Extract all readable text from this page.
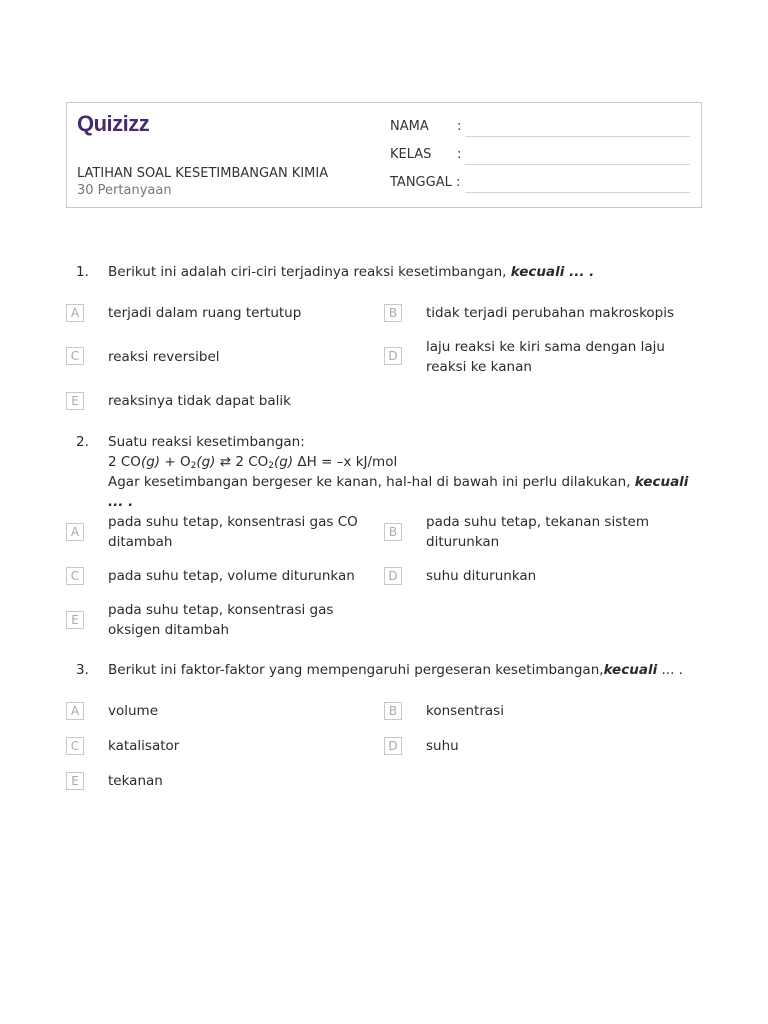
Quizizz
LATIHAN SOAL KESETIMBANGAN KIMIA
30 Pertanyaan
NAMA :
KELAS :
TANGGAL :
1. Berikut ini adalah ciri-ciri terjadinya reaksi kesetimbangan, kecuali ... .
A	terjadi dalam ruang tertutup	B	tidak terjadi perubahan makroskopis
C	reaksi reversibel	D
laju reaksi ke kiri sama dengan laju reaksi ke kanan
E	reaksinya tidak dapat balik
2. Suatu reaksi kesetimbangan:
2 $CO(g) + O_2(g)$ ⇄ 2 $CO_2(g) \Delta H = -x$ kJ/mol
Agar kesetimbangan bergeser ke kanan, hal-hal di bawah ini perlu dilakukan, kecuali ... .
A
pada suhu tetap, konsentrasi gas CO ditambah
B
pada suhu tetap, tekanan sistem diturunkan
C	pada suhu tetap, volume diturunkan	D	suhu diturunkan
E
pada suhu tetap, konsentrasi gas oksigen ditambah
3. Berikut ini faktor-faktor yang mempengaruhi pergeseran kesetimbangan,kecuali ... .
A	volume	B	konsentrasi
C	katalisator	D	suhu
E	tekanan
